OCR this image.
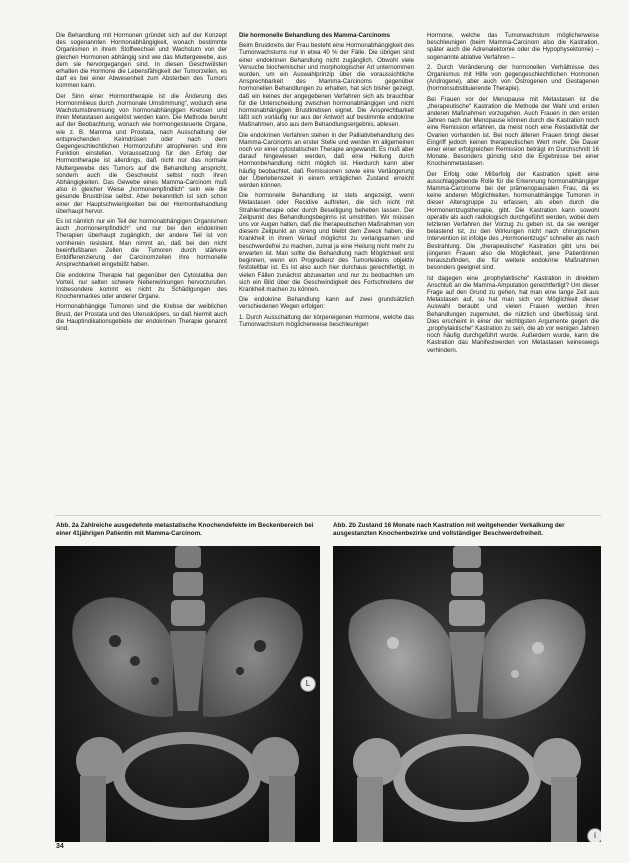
Die Behandlung mit Hormonen gründet sich auf der Konzept des sogenannten Hormonabhängigkeit, wonach bestimmte Organismen in ihrem Stoffwechsel und Wachstum von der gleichen Hormonen abhängig sind wie das Muttergewebe, aus dem sie hervorgegangen sind. In diesen Geschwülsten erhalten die Hormone die Lebensfähigkeit der Tumorzellen, es darf es bei einer Abwesenheit zum Absterben des Tumors kommen kann.

Der Sinn einer Hormontherapie ist die Änderung des Hormonmilieus durch „hormonale Umstimmung“, wodurch eine Wachstumsbremsung von hormonabhängigen Krebsen und ihren Metastasen ausgelöst werden kann. Die Methode beruht auf der Beobachtung, wonach wie hormongesteuerte Organe, wie z. B. Mamma und Prostata, nach Ausschaltung der entsprechenden Keimdrüsen oder nach dem Gegengeschlechtlichen Hormonzufuhr atrophieren und ihre Funktion einstellen. Voraussetzung für den Erfolg der Hormontherapie ist allerdings, daß nicht nur das normale Muttergewebe des Tumors auf die Behandlung anspricht, sondern auch die Geschwulst selbst noch ihren Abhängigkeiten. Das Gewebe eines Mamma-Carcinom muß also in gleicher Weise „hormonempfindlich“ sein wie die gesunde Brustdrüse selbst. Aber bekanntlich ist sich schon einer der Hauptschwierigkeiten bei der Hormonbehandlung überhaupt hervor.

Es ist nämlich nur ein Teil der hormonabhängigen Organismen auch „hormonempfindlich“ und nur bei den endokrinen Therapien überhaupt zugänglich, der andere Teil ist von vornherein resistent. Man nimmt an, daß bei den nicht beeinflußbaren Zellen die Tumoren durch stärkere Entdifferenzierung der Carcinomzellen ihre hormonelle Ansprechbarkeit eingebüßt haben.

Die endokrine Therapie hat gegenüber den Cytostatika den Vorteil, nur selten schwere Nebenwirkungen hervorzurufen. Insbesondere kommt es nicht zu Schädigungen des Knochenmarkes oder anderer Organe.

Hormonabhängige Tumoren sind die Krebse der weiblichen Brust, der Prostata und des Uterusköpers, so daß hiermit auch die Hauptindikationsgebiete der endokrinen Therapie genannt sind.

Die hormonelle Behandlung des Mamma-Carcinoms

Beim Brustkrebs der Frau besteht eine Hormonabhängigkeit des Tumorwachstums nur in etwa 40 % der Fälle. Die übrigen sind einer endokrinen Behandlung nicht zugänglich. Obwohl viele Versuche biochemischer und morphologischer Art unternommen wurden, um ein Auswahlprinzip über die voraussichtliche Ansprechbarkeit des Mamma-Carcinoms gegenüber hormonellen Behandlungen zu erhalten, hat sich bisher gezeigt, daß ein keines der angegebenen Verfahren sich als brauchbar für die Unterscheidung zwischen hormonabhängigen und nicht hormonabhängigen Brustkrebsen eignet. Die Ansprechbarkeit läßt sich vorläufig nur aus der Antwort auf bestimmte endokrine Maßnahmen, also aus dem Behandlungsergebnis, ablesen.

Die endokrinen Verfahren stehen in der Palliativbehandlung des Mamma-Carcinoms an erster Stelle und werden im allgemeinen noch vor einer cytostatischen Therapie angewandt. Es muß aber darauf hingewiesen werden, daß eine Heilung durch Hormonbehandlung nicht möglich ist. Hierdurch kann aber häufig beobachtet, daß Remissionen sowie eine Verlängerung der Überlebenszeit in einem erträglichen Zustand erreicht werden können.

Die hormonelle Behandlung ist stets angezeigt, wenn Metastasen oder Recidive auftreten, die sich nicht mit Strahlentherapie oder durch Beseitigung beheben lassen. Der Zeitpunkt des Behandlungsbeginns ist umstritten. Wir müssen uns vor Augen halten, daß die therapeutischen Maßnahmen von diesem Zeitpunkt an streng und bleibt dem Zweck haben, die Krankheit in ihrem Verlauf möglichst zu verlangsamen und beschwerdefrei zu machen, zumal ja eine Heilung nicht mehr zu erwarten ist. Man sollte die Behandlung nach Möglichkeit erst beginnen, wenn ein Progredienz des Tumorleidens objektiv feststellbar ist. Es ist also auch hier durchaus gerechtfertigt, in vielen Fällen zunächst abzuwarten und nur zu beobachten um sich ein Bild über die Geschwindigkeit des Fortschreitens der Krankheit machen zu können.

Die endokrine Behandlung kann auf zwei grundsätzlich verschiedenen Wegen erfolgen:

1. Durch Ausschaltung der körpereigenen Hormone, welche das Tumorwachstum möglicherweise beschleunigen

Hormone, welche das Tumorwachstum möglicherweise beschleunigen (beim Mamma-Carcinom also die Kastration, später auch die Adrenalektomie oder die Hypophysektomie) – sogenannte ablative Verfahren –

2. Durch Veränderung der hormonellen Verhältnisse des Organismus mit Hilfe von gegengeschlechtlichen Hormonen (Androgene), aber auch von Östrogenen und Gestagenen (hormonsubstituierende Therapie).

Bei Frauen vor der Menopause mit Metastasen ist die „therapeutische“ Kastration die Methode der Wahl und ersten anderen Maßnahmen vorzugehen. Auch Frauen in den ersten Jahren nach der Menopause können durch die Kastration noch eine Remission erfahren, da meist noch eine Restaktivität der Ovarien vorhanden ist. Bei noch älteren Frauen bringt dieser Eingriff jedoch keinen therapeutischen Wert mehr. Die Dauer einer einer erfolgreichen Remission beträgt im Durchschnitt 16 Monate. Besonders günstig sind die Ergebnisse bei einer Knochenmetastasen.

Der Erfolg oder Mißerfolg der Kastration spielt eine ausschlaggebende Rolle für die Erkennung hormonabhängiger Mamma-Carcinome bei der prämenopausalen Frau, da es keine anderen Möglichkeiten, hormonabhängige Tumoren in dieser Altersgruppe zu erfassen, als eben durch die Hormonentzugstherapie, gibt. Die Kastration kann sowohl operativ als auch radiologisch durchgeführt werden, wobei dem letzteren Verfahren der Vorzug zu geben ist, da sie weniger belastend ist, zu den Wirkungen nicht nach chirurgischen Intervention ist infolge des „Hormonentzugs“ schneller als nach Bestrahlung. Die „therapeutische“ Kastration gibt uns bei jüngeren Frauen also die Möglichkeit, jene Patientinnen herauszufinden, die für weitere endokrine Maßnahmen besonders geeignet sind.

Ist dagegen eine „prophylaktische“ Kastration in direktem Anschluß an die Mamma-Amputation gerechtfertigt? Um dieser Frage auf den Grund zu gehen, hat man eine lange Zeit aus Metastasen auf, so hat man sich vor Möglichkeit dieser Auswahl beraubt und vielen Frauen werden ihren Behandlungen zugemutet, die nützlich und überflüssig sind. Dies erscheint in einer der wichtigsten Argumente gegen die „prophylaktische“ Kastration zu sein, die ab vor wenigen Jahren noch häufig durchgeführt wurde. Außerdem wurde, kann die Kastration das Manifestwerden von Metastasen keineswegs verhindern.

Abb. 2a Zahlreiche ausgedehnte metastatische Knochendefekte im Beckenbereich bei einer 41jährigen Patientin mit Mamma-Carcinom.
Abb. 2b Zustand 16 Monate nach Kastration mit weitgehender Verkalkung der ausgestanzten Knochenbezirke und vollständiger Beschwerdefreiheit.
L
i
34
